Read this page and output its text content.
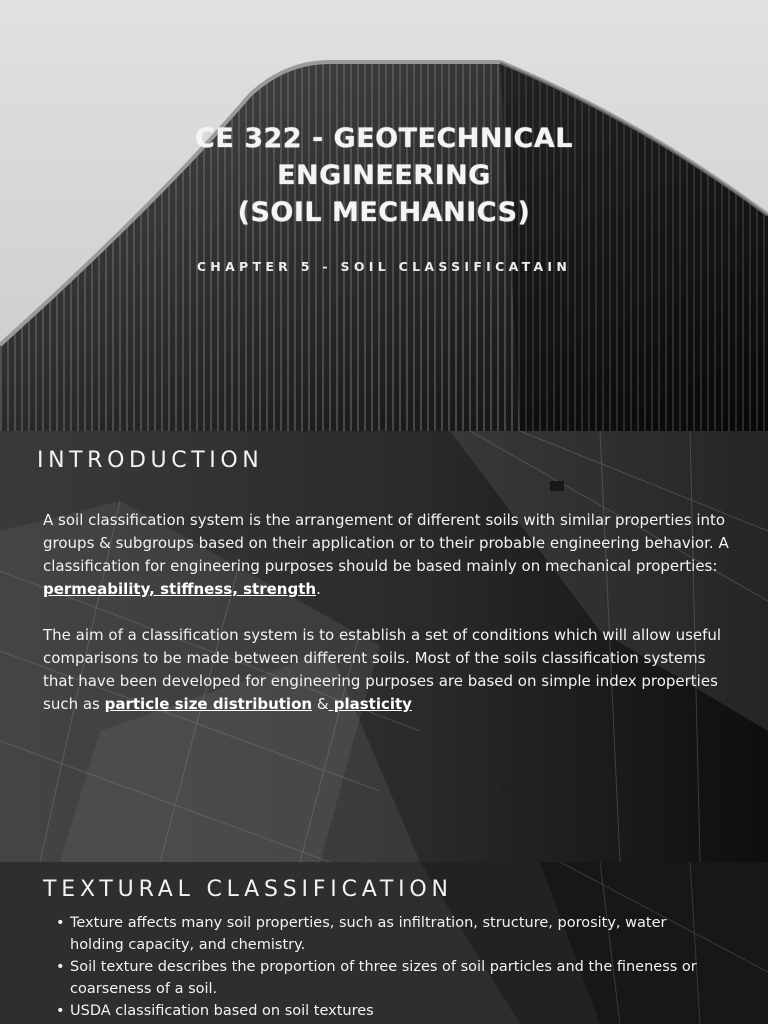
CE 322 - GEOTECHNICAL
ENGINEERING
(SOIL MECHANICS)
CHAPTER 5 - SOIL CLASSIFICATAIN
INTRODUCTION

A soil classification system is the arrangement of different soils with similar properties into groups & subgroups based on their application or to their probable engineering behavior. A classification for engineering purposes should be based mainly on mechanical properties: permeability, stiffness, strength.

The aim of a classification system is to establish a set of conditions which will allow useful comparisons to be made between different soils. Most of the soils classification systems that have been developed for engineering purposes are based on simple index properties such as particle size distribution & plasticity

TEXTURAL CLASSIFICATION
• Texture affects many soil properties, such as infiltration, structure, porosity, water holding capacity, and chemistry.
• Soil texture describes the proportion of three sizes of soil particles and the fineness or coarseness of a soil.
• USDA classification based on soil textures
